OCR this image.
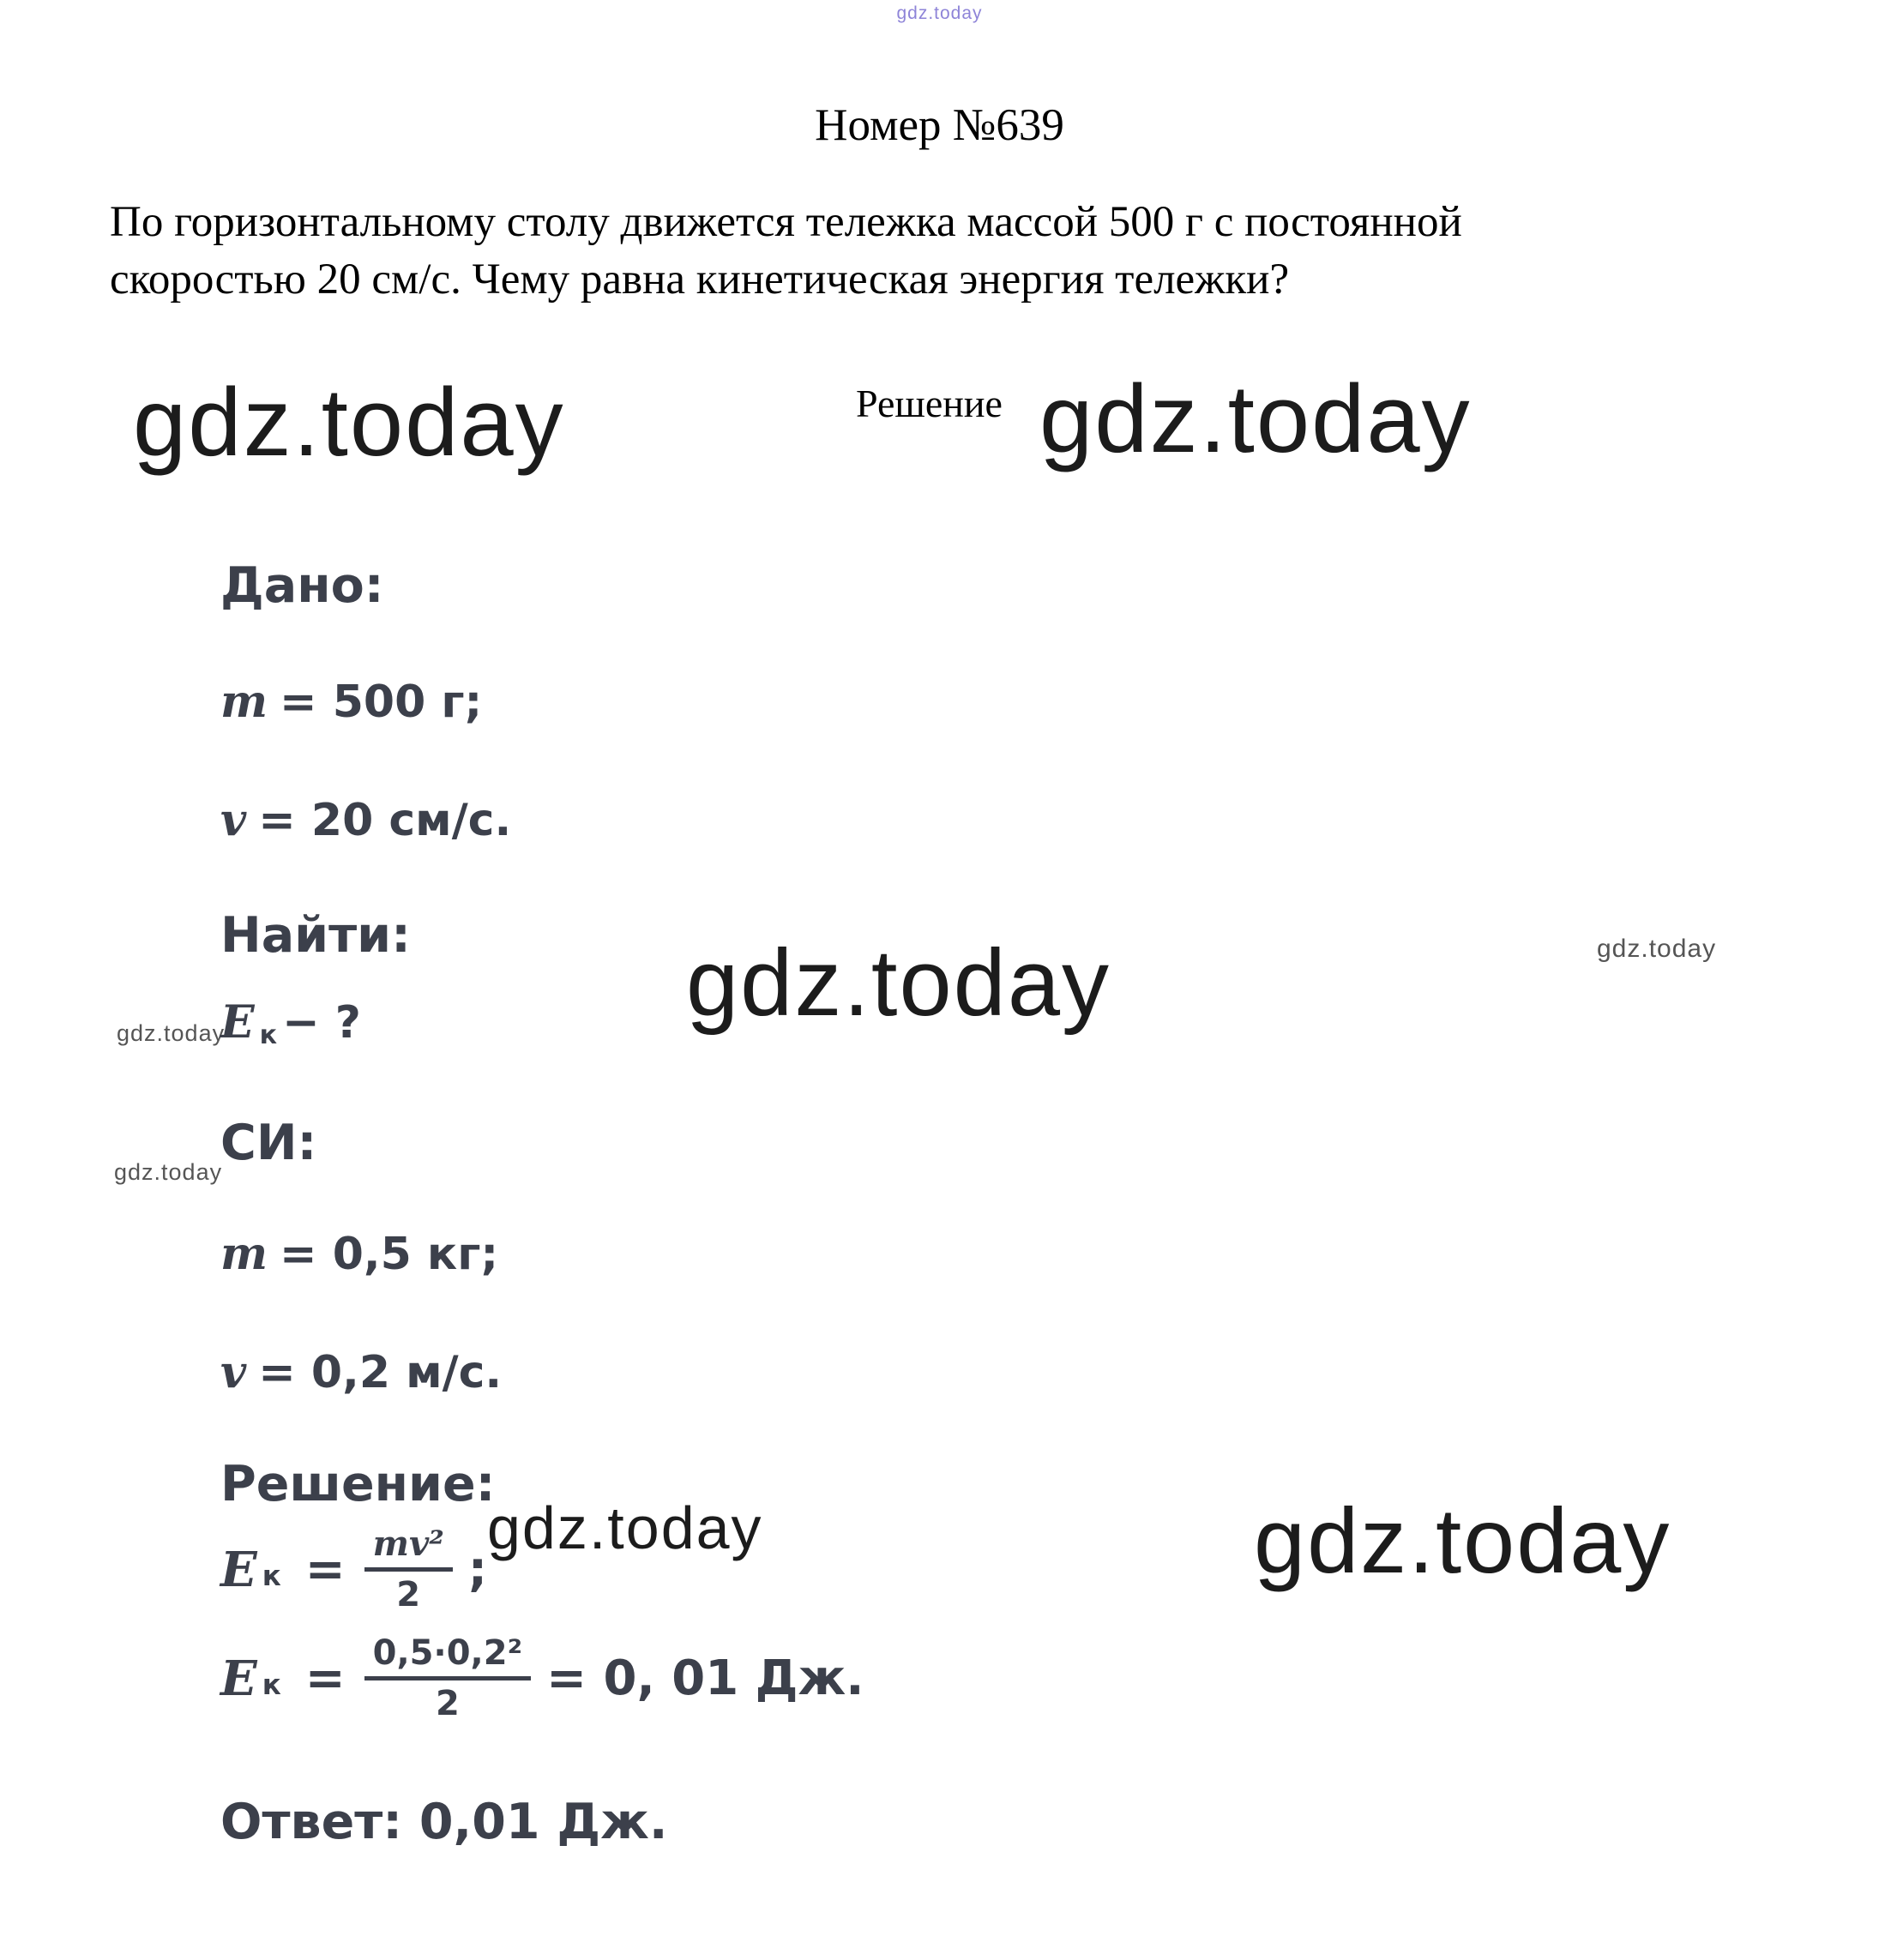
gdz.today
gdz.today	gdz.today
gdz.today	gdz.today
gdz.today
gdz.today
gdz.today	gdz.today
Номер №639
По горизонтальному столу движется тележка массой 500 г с постоянной
скоростью 20 см/с. Чему равна кинетическая энергия тележки?
Решение
Дано:
m = 500 г;
v = 20 см/с.
Найти:
Eк − ?
СИ:
m = 0,5 кг;
v = 0,2 м/с.
Решение:
E $к = \frac{\text{mv²}}{2}$ ;
E $к = \frac{\text{0,5∙0,2²}}{2} = 0$, 01 Дж.
Ответ: 0,01 Дж.
